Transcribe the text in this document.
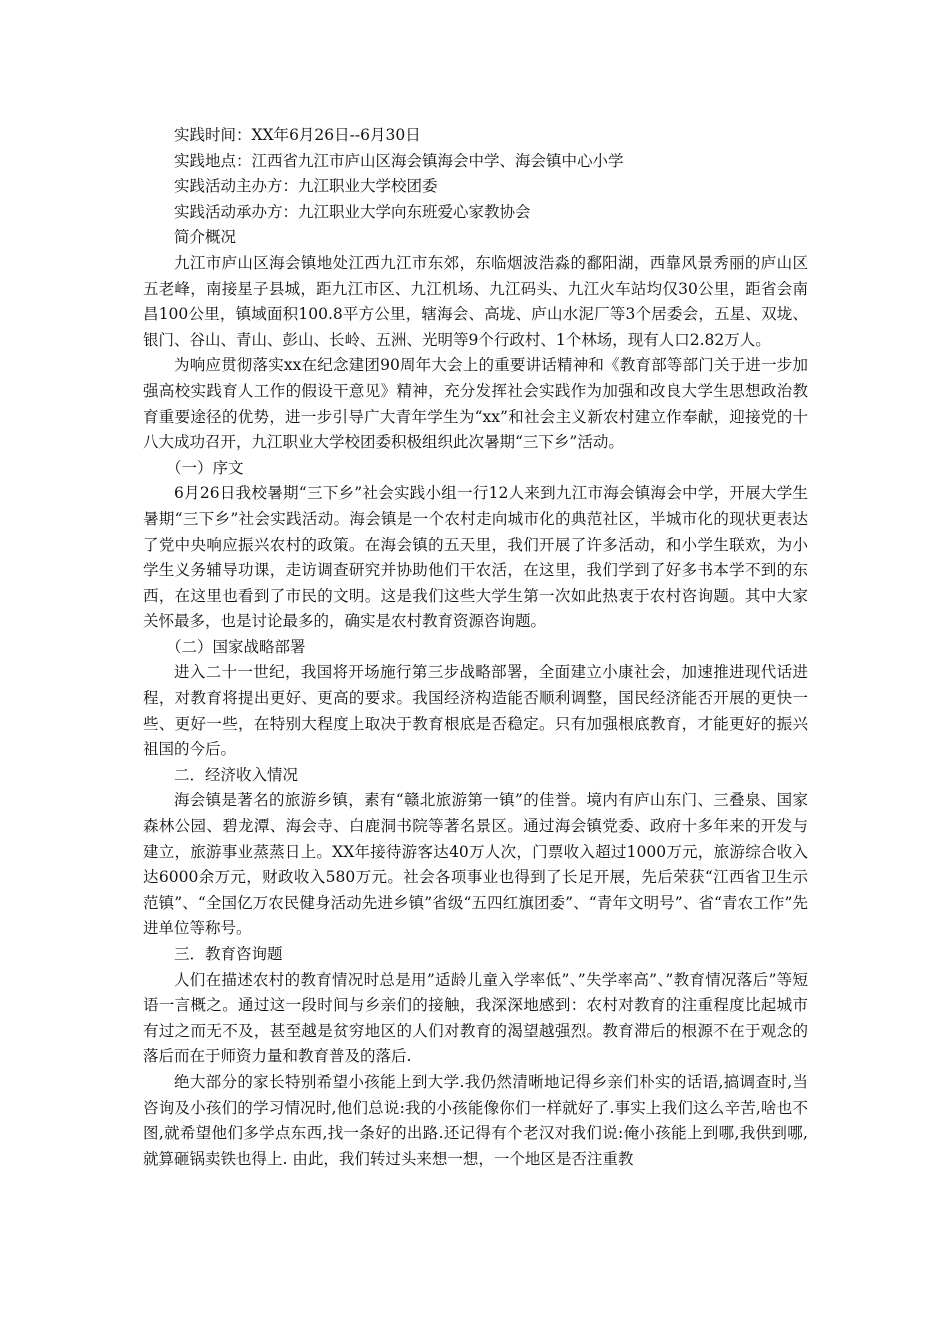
实践时间：XX年6月26日--6月30日

实践地点：江西省九江市庐山区海会镇海会中学、海会镇中心小学

实践活动主办方：九江职业大学校团委

实践活动承办方：九江职业大学向东班爱心家教协会

简介概况

九江市庐山区海会镇地处江西九江市东郊，东临烟波浩淼的鄱阳湖，西靠风景秀丽的庐山区五老峰，南接星子县城，距九江市区、九江机场、九江码头、九江火车站均仅30公里，距省会南昌100公里，镇域面积100.8平方公里，辖海会、高垅、庐山水泥厂等3个居委会，五星、双垅、银门、谷山、青山、彭山、长岭、五洲、光明等9个行政村、1个林场，现有人口2.82万人。

为响应贯彻落实xx在纪念建团90周年大会上的重要讲话精神和《教育部等部门关于进一步加强高校实践育人工作的假设干意见》精神，充分发挥社会实践作为加强和改良大学生思想政治教育重要途径的优势，进一步引导广大青年学生为“xx”和社会主义新农村建立作奉献，迎接党的十八大成功召开，九江职业大学校团委积极组织此次暑期“三下乡”活动。

（一）序文

6月26日我校暑期“三下乡”社会实践小组一行12人来到九江市海会镇海会中学，开展大学生暑期“三下乡”社会实践活动。海会镇是一个农村走向城市化的典范社区，半城市化的现状更表达了党中央响应振兴农村的政策。在海会镇的五天里，我们开展了许多活动，和小学生联欢，为小学生义务辅导功课，走访调查研究并协助他们干农活，在这里，我们学到了好多书本学不到的东西，在这里也看到了市民的文明。这是我们这些大学生第一次如此热衷于农村咨询题。其中大家关怀最多，也是讨论最多的，确实是农村教育资源咨询题。

（二）国家战略部署

进入二十一世纪，我国将开场施行第三步战略部署，全面建立小康社会，加速推进现代话进程，对教育将提出更好、更高的要求。我国经济构造能否顺利调整，国民经济能否开展的更快一些、更好一些，在特别大程度上取决于教育根底是否稳定。只有加强根底教育，才能更好的振兴祖国的今后。

二．经济收入情况

海会镇是著名的旅游乡镇，素有“赣北旅游第一镇”的佳誉。境内有庐山东门、三叠泉、国家森林公园、碧龙潭、海会寺、白鹿洞书院等著名景区。通过海会镇党委、政府十多年来的开发与建立，旅游事业蒸蒸日上。XX年接待游客达40万人次，门票收入超过1000万元，旅游综合收入达6000余万元，财政收入580万元。社会各项事业也得到了长足开展，先后荣获“江西省卫生示范镇”、“全国亿万农民健身活动先进乡镇”省级“五四红旗团委”、“青年文明号”、省“青农工作”先进单位等称号。

三．教育咨询题

人们在描述农村的教育情况时总是用”适龄儿童入学率低”、”失学率高”、”教育情况落后”等短语一言概之。通过这一段时间与乡亲们的接触，我深深地感到：农村对教育的注重程度比起城市有过之而无不及，甚至越是贫穷地区的人们对教育的渴望越强烈。教育滞后的根源不在于观念的落后而在于师资力量和教育普及的落后.

绝大部分的家长特别希望小孩能上到大学.我仍然清晰地记得乡亲们朴实的话语,搞调查时,当咨询及小孩们的学习情况时,他们总说:我的小孩能像你们一样就好了.事实上我们这么辛苦,啥也不图,就希望他们多学点东西,找一条好的出路.还记得有个老汉对我们说:俺小孩能上到哪,我供到哪,就算砸锅卖铁也得上. 由此，我们转过头来想一想，一个地区是否注重教
